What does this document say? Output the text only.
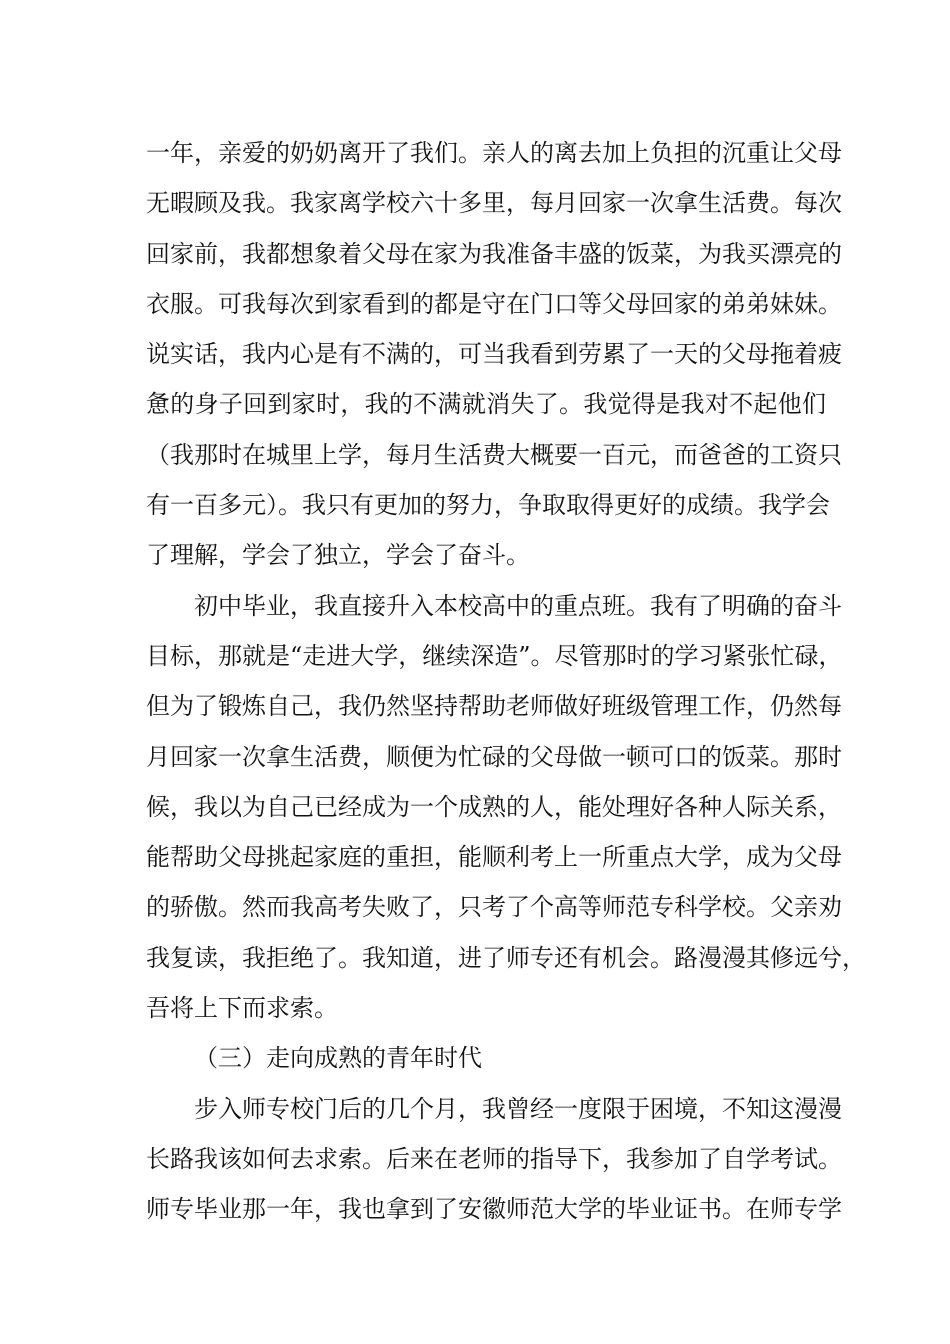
一年，亲爱的奶奶离开了我们。亲人的离去加上负担的沉重让父母
无暇顾及我。我家离学校六十多里，每月回家一次拿生活费。每次
回家前，我都想象着父母在家为我准备丰盛的饭菜，为我买漂亮的
衣服。可我每次到家看到的都是守在门口等父母回家的弟弟妹妹。
说实话，我内心是有不满的，可当我看到劳累了一天的父母拖着疲
惫的身子回到家时，我的不满就消失了。我觉得是我对不起他们
（我那时在城里上学，每月生活费大概要一百元，而爸爸的工资只
有一百多元）。我只有更加的努力，争取取得更好的成绩。我学会
了理解，学会了独立，学会了奋斗。
初中毕业，我直接升入本校高中的重点班。我有了明确的奋斗
目标，那就是“走进大学，继续深造”。尽管那时的学习紧张忙碌，
但为了锻炼自己，我仍然坚持帮助老师做好班级管理工作，仍然每
月回家一次拿生活费，顺便为忙碌的父母做一顿可口的饭菜。那时
候，我以为自己已经成为一个成熟的人，能处理好各种人际关系，
能帮助父母挑起家庭的重担，能顺利考上一所重点大学，成为父母
的骄傲。然而我高考失败了，只考了个高等师范专科学校。父亲劝
我复读，我拒绝了。我知道，进了师专还有机会。路漫漫其修远兮，
吾将上下而求索。
（三）走向成熟的青年时代
步入师专校门后的几个月，我曾经一度限于困境，不知这漫漫
长路我该如何去求索。后来在老师的指导下，我参加了自学考试。
师专毕业那一年，我也拿到了安徽师范大学的毕业证书。在师专学
